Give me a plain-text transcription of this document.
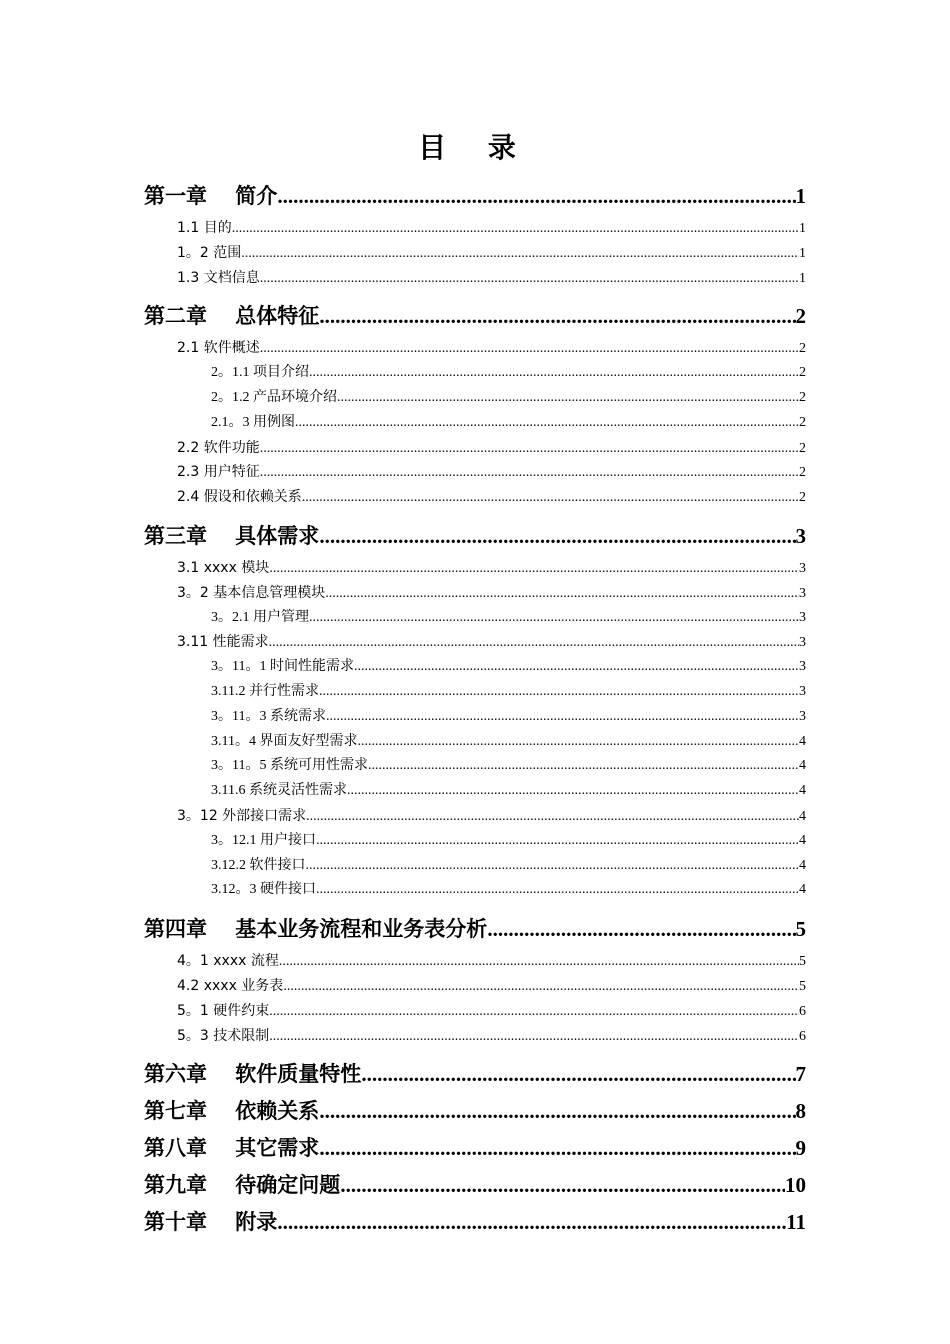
目 录
第一章　 简介 .....	1
1.1 目的 .....	1
1。2 范围 .....	1
1.3 文档信息 .....	1
第二章　 总体特征 .....	2
2.1 软件概述 .....	2
2。1.1 项目介绍 .....	2
2。1.2 产品环境介绍 .....	2
2.1。3 用例图 .....	2
2.2 软件功能 .....	2
2.3 用户特征 .....	2
2.4 假设和依赖关系 .....	2
第三章　 具体需求 .....	3
3.1 xxxx 模块 .....	3
3。2 基本信息管理模块 .....	3
3。2.1 用户管理 .....	3
3.11 性能需求 .....	3
3。11。1 时间性能需求 .....	3
3.11.2 并行性需求 .....	3
3。11。3 系统需求 .....	3
3.11。4 界面友好型需求 .....	4
3。11。5 系统可用性需求 .....	4
3.11.6 系统灵活性需求 .....	4
3。12 外部接口需求 .....	4
3。12.1 用户接口 .....	4
3.12.2 软件接口 .....	4
3.12。3 硬件接口 .....	4
第四章　 基本业务流程和业务表分析 .....	5
4。1 xxxx 流程 .....	5
4.2 xxxx 业务表 .....	5
5。1 硬件约束 .....	6
5。3 技术限制 .....	6
第六章　 软件质量特性 .....	7
第七章　 依赖关系 .....	8
第八章　 其它需求 .....	9
第九章　 待确定问题 .....	10
第十章　 附录 .....	11
